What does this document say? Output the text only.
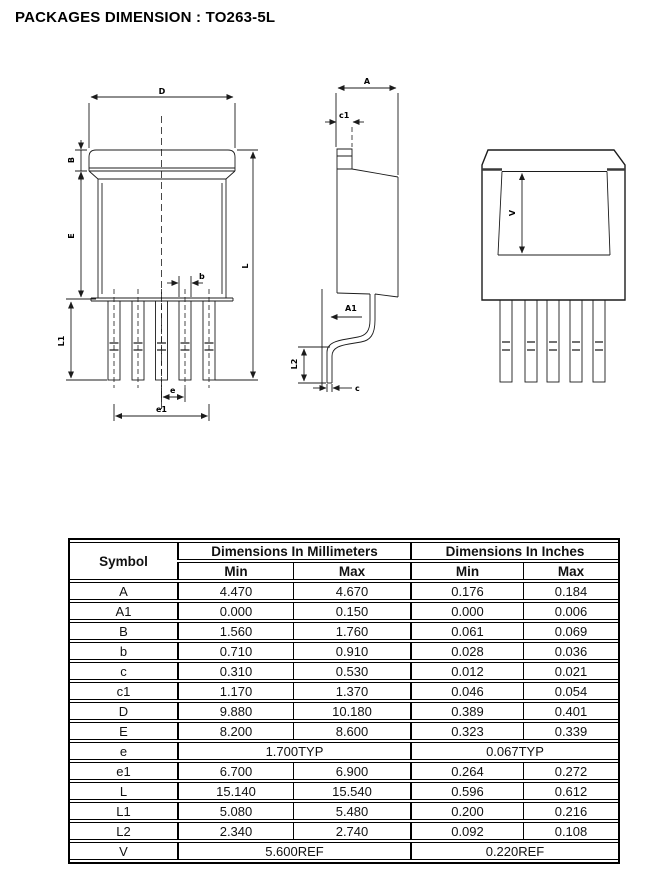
PACKAGES DIMENSION : TO263-5L
D
b
L
B
E
L1
e
e1
A
c1
A1
L2
c
V
Symbol	Dimensions In Millimeters		Dimensions In Inches	
	Min	Max	Min	Max
A	4.470	4.670	0.176	0.184
A1	0.000	0.150	0.000	0.006
B	1.560	1.760	0.061	0.069
b	0.710	0.910	0.028	0.036
c	0.310	0.530	0.012	0.021
c1	1.170	1.370	0.046	0.054
D	9.880	10.180	0.389	0.401
E	8.200	8.600	0.323	0.339
e	1.700TYP		0.067TYP	
e1	6.700	6.900	0.264	0.272
L	15.140	15.540	0.596	0.612
L1	5.080	5.480	0.200	0.216
L2	2.340	2.740	0.092	0.108
V	5.600REF		0.220REF	
